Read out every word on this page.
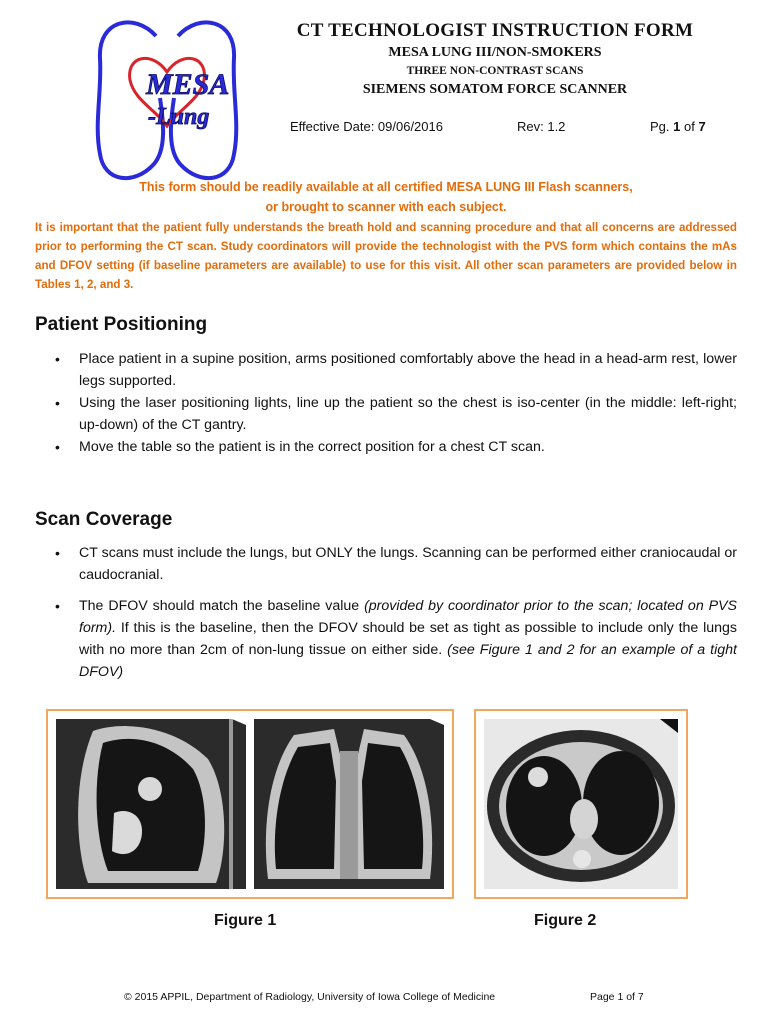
MESA
-Lung
CT TECHNOLOGIST INSTRUCTION FORM
MESA LUNG III/NON-SMOKERS
THREE NON-CONTRAST SCANS
SIEMENS SOMATOM FORCE SCANNER
Effective Date: 09/06/2016	Rev: 1.2	Pg. 1 of 7
This form should be readily available at all certified MESA LUNG III Flash scanners,
or brought to scanner with each subject.
It is important that the patient fully understands the breath hold and scanning procedure and that all concerns are addressed prior to performing the CT scan. Study coordinators will provide the technologist with the PVS form which contains the mAs and DFOV setting (if baseline parameters are available) to use for this visit. All other scan parameters are provided below in Tables 1, 2, and 3.
Patient Positioning
• Place patient in a supine position, arms positioned comfortably above the head in a head-arm rest, lower legs supported.
• Using the laser positioning lights, line up the patient so the chest is iso-center (in the middle: left-right; up-down) of the CT gantry.
• Move the table so the patient is in the correct position for a chest CT scan.
Scan Coverage
• CT scans must include the lungs, but ONLY the lungs. Scanning can be performed either craniocaudal or caudocranial.
• The DFOV should match the baseline value (provided by coordinator prior to the scan; located on PVS form). If this is the baseline, then the DFOV should be set as tight as possible to include only the lungs with no more than 2cm of non-lung tissue on either side. (see Figure 1 and 2 for an example of a tight DFOV)
Figure 1	Figure 2
© 2015 APPIL, Department of Radiology, University of Iowa College of Medicine	Page 1 of 7
